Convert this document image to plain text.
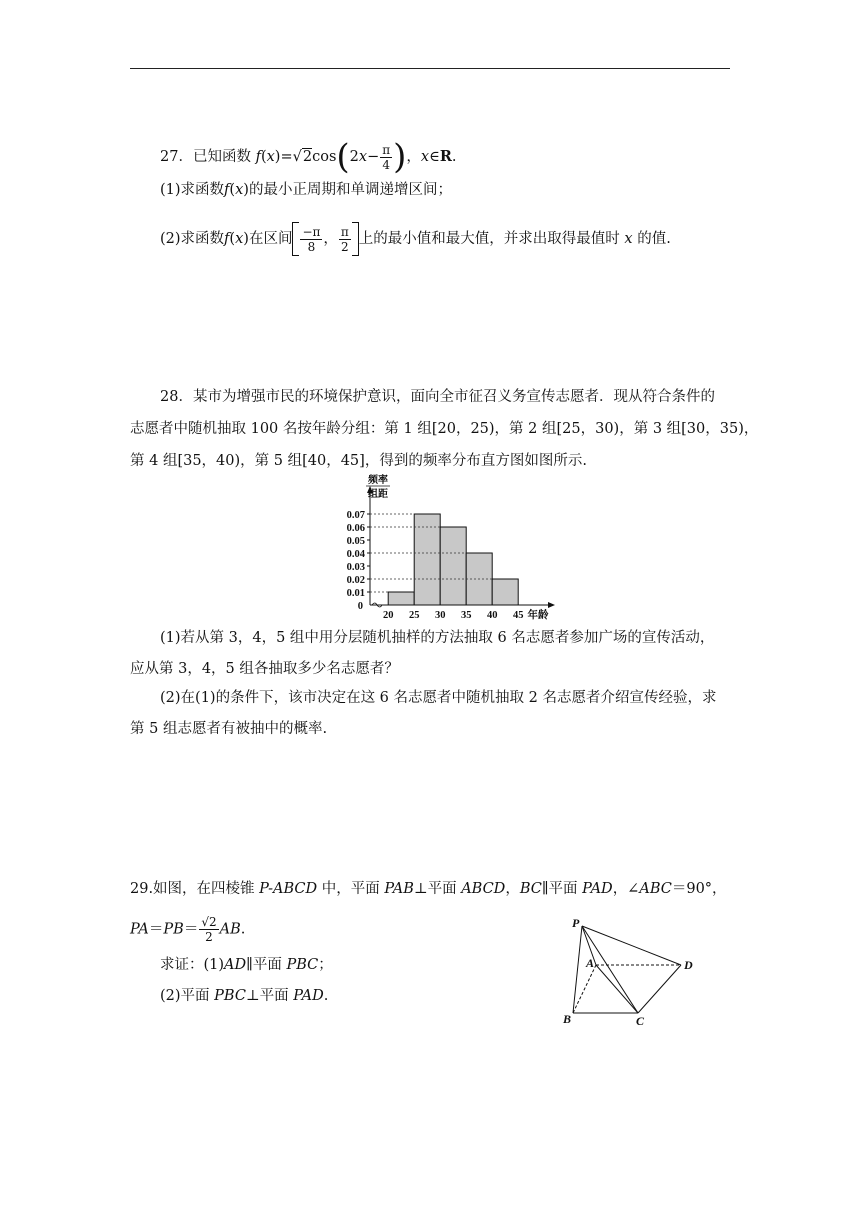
27．已知函数 $f(x)=√2\cos(2x- \frac{\pi}{4}$ )，x∈R.
(1)求函数f(x)的最小正周期和单调递增区间；
(2)求函数f(x)在区间 $\frac{-\pi}{8}$ ， $\frac{\pi}{2}$ 上的最小值和最大值，并求出取得最值时 x 的值.
28．某市为增强市民的环境保护意识，面向全市征召义务宣传志愿者．现从符合条件的
志愿者中随机抽取 100 名按年龄分组：第 1 组[20，25)，第 2 组[25，30)，第 3 组[30，35)，
第 4 组[35，40)，第 5 组[40，45]，得到的频率分布直方图如图所示.
0.01
0.02
0.03
0.04
0.05
0.06
0.07
0
20 25 30 35 40 45
频率
组距
年龄
(1)若从第 3，4，5 组中用分层随机抽样的方法抽取 6 名志愿者参加广场的宣传活动，
应从第 3，4，5 组各抽取多少名志愿者？
(2)在(1)的条件下，该市决定在这 6 名志愿者中随机抽取 2 名志愿者介绍宣传经验，求
第 5 组志愿者有被抽中的概率.
29.如图，在四棱锥 P-ABCD 中，平面 PAB⊥平面 ABCD，BC∥平面 PAD，∠ABC＝90°，
$PA=PB= \frac{√2}{2}$ AB.
求证：(1)AD∥平面 PBC；
(2)平面 PBC⊥平面 PAD.
P
A	D
B	C
